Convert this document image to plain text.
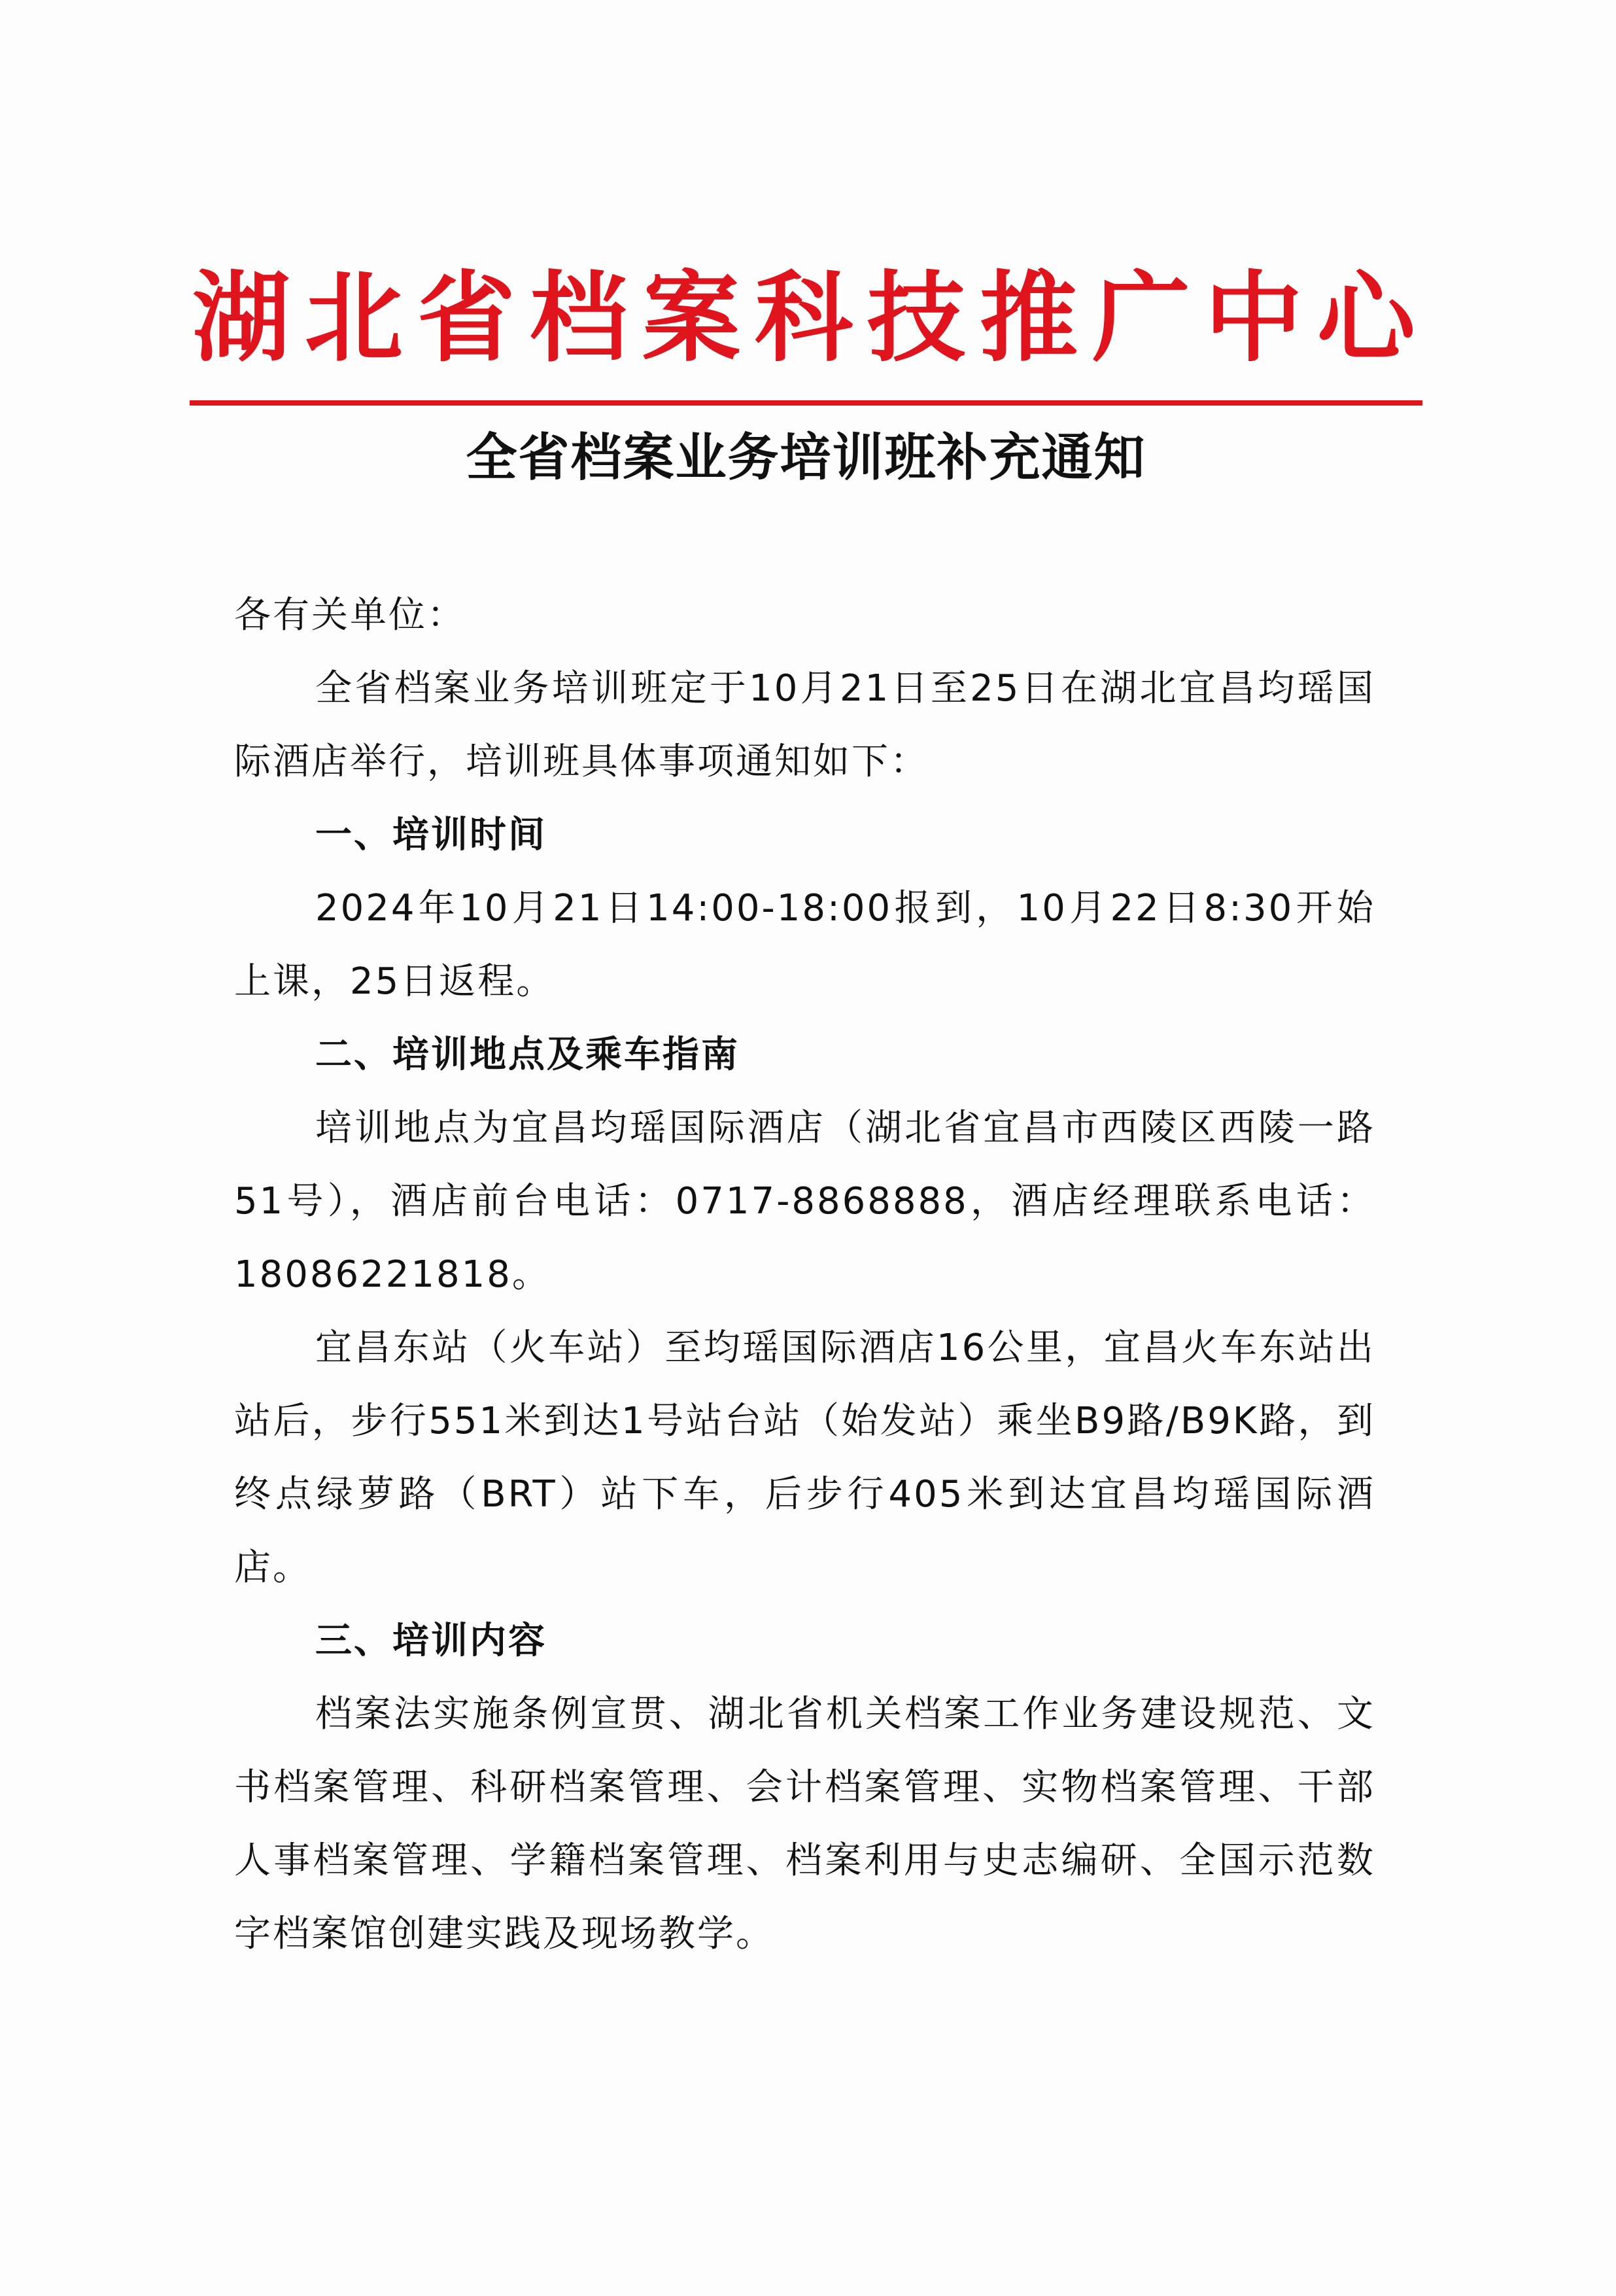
湖北省档案科技推广中心
全省档案业务培训班补充通知

各有关单位：

全省档案业务培训班定于10月21日至25日在湖北宜昌均瑶国际酒店举行，培训班具体事项通知如下：

一、培训时间

2024年10月21日14:00-18:00报到，10月22日8:30开始上课，25日返程。

二、培训地点及乘车指南

培训地点为宜昌均瑶国际酒店（湖北省宜昌市西陵区西陵一路51号），酒店前台电话：0717-8868888，酒店经理联系电话：18086221818。

宜昌东站（火车站）至均瑶国际酒店16公里，宜昌火车东站出站后，步行551米到达1号站台站（始发站）乘坐B9路/B9K路，到终点绿萝路（BRT）站下车，后步行405米到达宜昌均瑶国际酒店。

三、培训内容

档案法实施条例宣贯、湖北省机关档案工作业务建设规范、文书档案管理、科研档案管理、会计档案管理、实物档案管理、干部人事档案管理、学籍档案管理、档案利用与史志编研、全国示范数字档案馆创建实践及现场教学。
